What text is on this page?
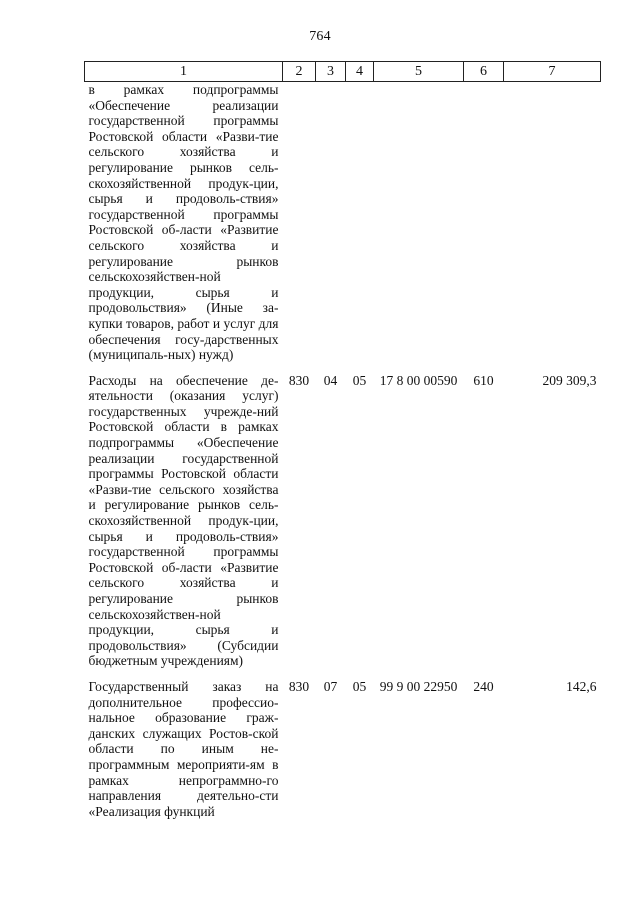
764
1	2	3	4	5	6	7
в рамках подпрограммы «Обеспечение реализации государственной программы Ростовской области «Разви-тие сельского хозяйства и регулирование рынков сель-скохозяйственной продук-ции, сырья и продоволь-ствия» государственной программы Ростовской об-ласти «Развитие сельского хозяйства и регулирование рынков сельскохозяйствен-ной продукции, сырья и продовольствия» (Иные за-купки товаров, работ и услуг для обеспечения госу-дарственных (муниципаль-ных) нужд)						
Расходы на обеспечение де-ятельности (оказания услуг) государственных учрежде-ний Ростовской области в рамках подпрограммы «Обеспечение реализации государственной программы Ростовской области «Разви-тие сельского хозяйства и регулирование рынков сель-скохозяйственной продук-ции, сырья и продоволь-ствия» государственной программы Ростовской об-ласти «Развитие сельского хозяйства и регулирование рынков сельскохозяйствен-ной продукции, сырья и продовольствия» (Субсидии бюджетным учреждениям)	830	04	05	17 8 00 00590	610	209 309,3
Государственный заказ на дополнительное профессио-нальное образование граж-данских служащих Ростов-ской области по иным не-программным мероприяти-ям в рамках непрограммно-го направления деятельно-сти «Реализация функций	830	07	05	99 9 00 22950	240	142,6
